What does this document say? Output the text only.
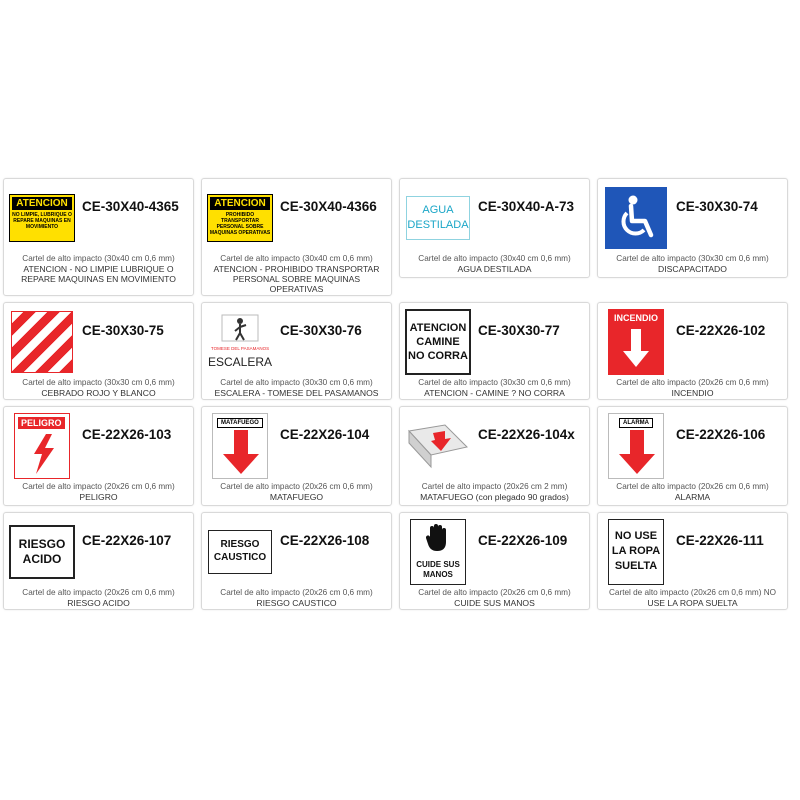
ATENCION
NO LIMPIE, LUBRIQUE O REPARE MAQUINAS EN MOVIMIENTO
CE-30X40-4365
Cartel de alto impacto (30x40 cm 0,6 mm)
ATENCION - NO LIMPIE LUBRIQUE O REPARE MAQUINAS EN MOVIMIENTO
ATENCION
PROHIBIDO TRANSPORTAR PERSONAL SOBRE MAQUINAS OPERATIVAS
CE-30X40-4366
Cartel de alto impacto (30x40 cm 0,6 mm)
ATENCION - PROHIBIDO TRANSPORTAR PERSONAL SOBRE MAQUINAS OPERATIVAS
AGUA
DESTILADA
CE-30X40-A-73
Cartel de alto impacto (30x40 cm 0,6 mm)
AGUA DESTILADA
CE-30X30-74
Cartel de alto impacto (30x30 cm 0,6 mm)
DISCAPACITADO
CE-30X30-75
Cartel de alto impacto (30x30 cm 0,6 mm)
CEBRADO ROJO Y BLANCO
TOMESE DEL PASAMANOS
ESCALERA
CE-30X30-76
Cartel de alto impacto (30x30 cm 0,6 mm)
ESCALERA - TOMESE DEL PASAMANOS
ATENCION
CAMINE
NO CORRA
CE-30X30-77
Cartel de alto impacto (30x30 cm 0,6 mm)
ATENCION - CAMINE ? NO CORRA
INCENDIO
CE-22X26-102
Cartel de alto impacto (20x26 cm 0,6 mm)
INCENDIO
PELIGRO
CE-22X26-103
Cartel de alto impacto (20x26 cm 0,6 mm)
PELIGRO
MATAFUEGO
CE-22X26-104
Cartel de alto impacto (20x26 cm 0,6 mm)
MATAFUEGO
CE-22X26-104x
Cartel de alto impacto (20x26 cm 2 mm)
MATAFUEGO (con plegado 90 grados)
ALARMA
CE-22X26-106
Cartel de alto impacto (20x26 cm 0,6 mm)
ALARMA
RIESGO
ACIDO
CE-22X26-107
Cartel de alto impacto (20x26 cm 0,6 mm)
RIESGO ACIDO
RIESGO
CAUSTICO
CE-22X26-108
Cartel de alto impacto (20x26 cm 0,6 mm)
RIESGO CAUSTICO
CUIDE SUS
MANOS
CE-22X26-109
Cartel de alto impacto (20x26 cm 0,6 mm)
CUIDE SUS MANOS
NO USE
LA ROPA
SUELTA
CE-22X26-111
Cartel de alto impacto (20x26 cm 0,6 mm) NO
USE LA ROPA SUELTA
